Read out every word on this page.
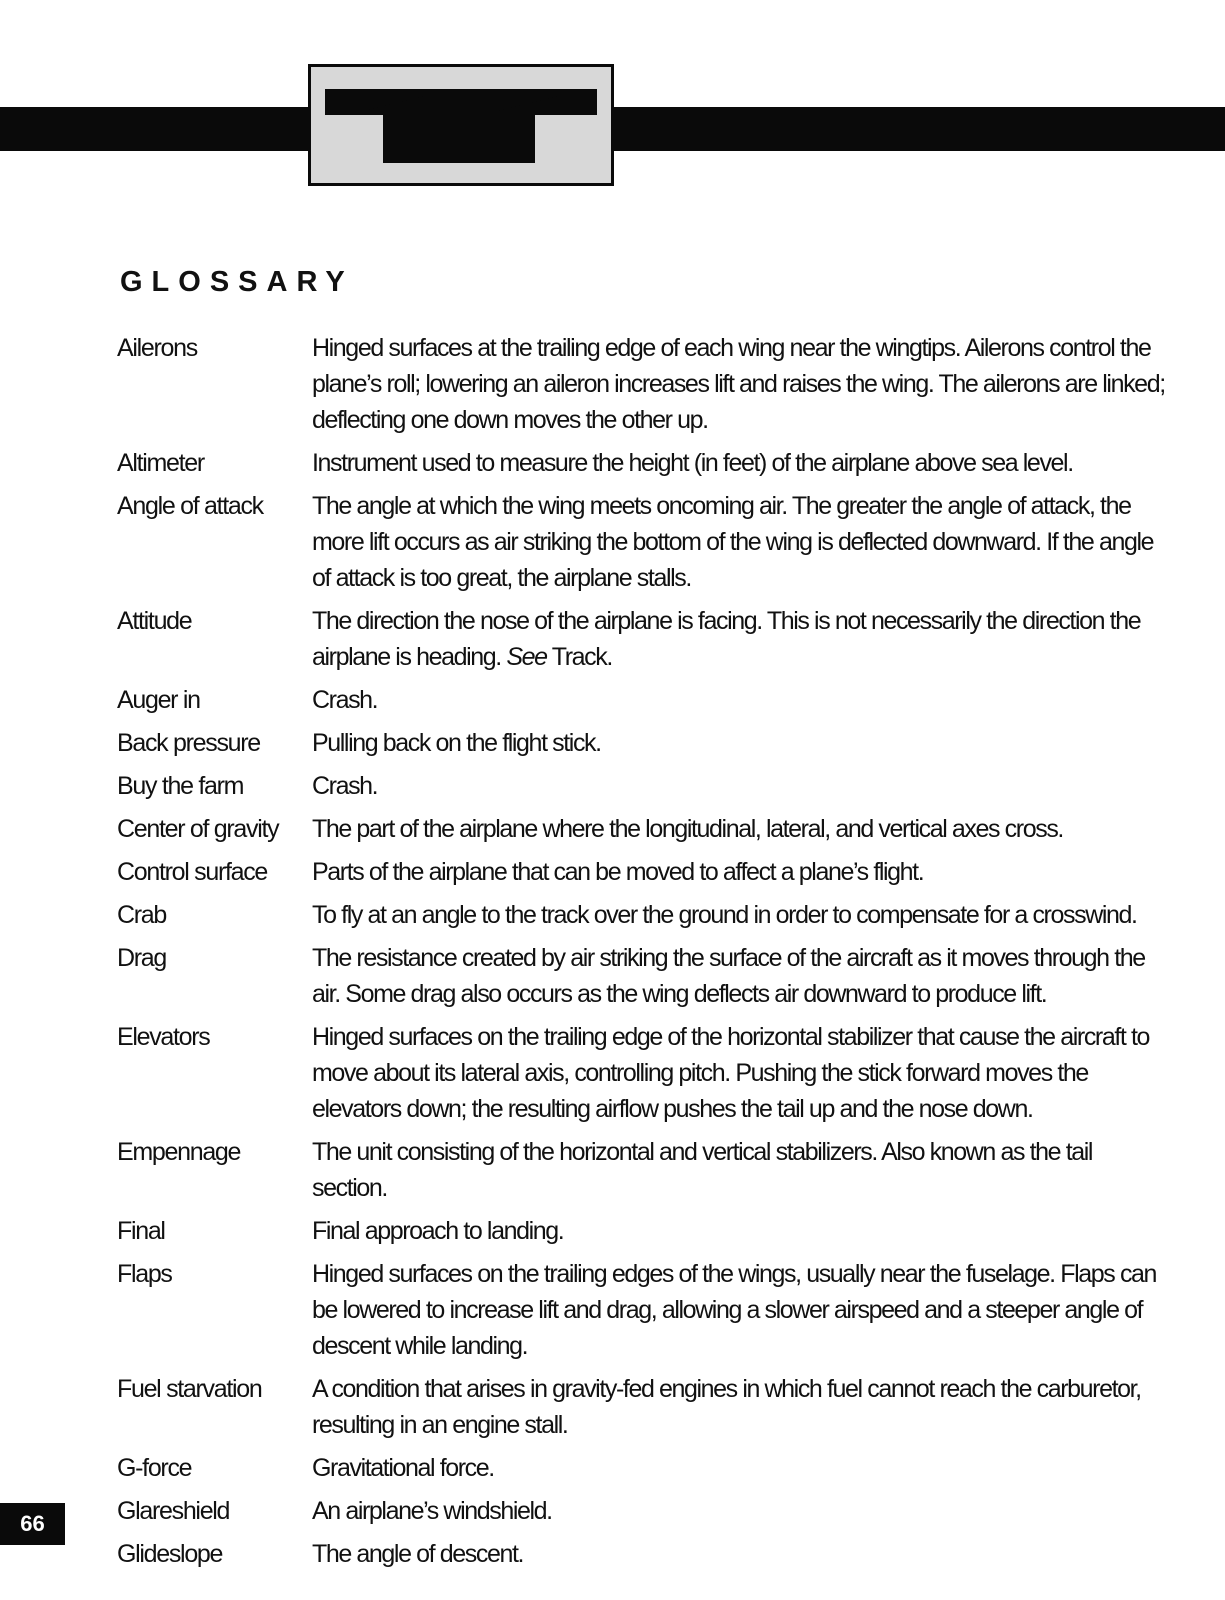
GLOSSARY
Ailerons	Hinged surfaces at the trailing edge of each wing near the wingtips. Ailerons control the plane’s roll; lowering an aileron increases lift and raises the wing. The ailerons are linked; deflecting one down moves the other up.
Altimeter	Instrument used to measure the height (in feet) of the airplane above sea level.
Angle of attack	The angle at which the wing meets oncoming air. The greater the angle of attack, the more lift occurs as air striking the bottom of the wing is deflected downward. If the angle of attack is too great, the airplane stalls.
Attitude	The direction the nose of the airplane is facing. This is not necessarily the direction the airplane is heading. See Track.
Auger in	Crash.
Back pressure	Pulling back on the flight stick.
Buy the farm	Crash.
Center of gravity	The part of the airplane where the longitudinal, lateral, and vertical axes cross.
Control surface	Parts of the airplane that can be moved to affect a plane’s flight.
Crab	To fly at an angle to the track over the ground in order to compensate for a crosswind.
Drag	The resistance created by air striking the surface of the aircraft as it moves through the air. Some drag also occurs as the wing deflects air downward to produce lift.
Elevators	Hinged surfaces on the trailing edge of the horizontal stabilizer that cause the aircraft to move about its lateral axis, controlling pitch. Pushing the stick forward moves the elevators down; the resulting airflow pushes the tail up and the nose down.
Empennage	The unit consisting of the horizontal and vertical stabilizers. Also known as the tail section.
Final	Final approach to landing.
Flaps	Hinged surfaces on the trailing edges of the wings, usually near the fuselage. Flaps can be lowered to increase lift and drag, allowing a slower airspeed and a steeper angle of descent while landing.
Fuel starvation	A condition that arises in gravity-fed engines in which fuel cannot reach the carburetor, resulting in an engine stall.
G-force	Gravitational force.
Glareshield	An airplane’s windshield.
Glideslope	The angle of descent.
66
